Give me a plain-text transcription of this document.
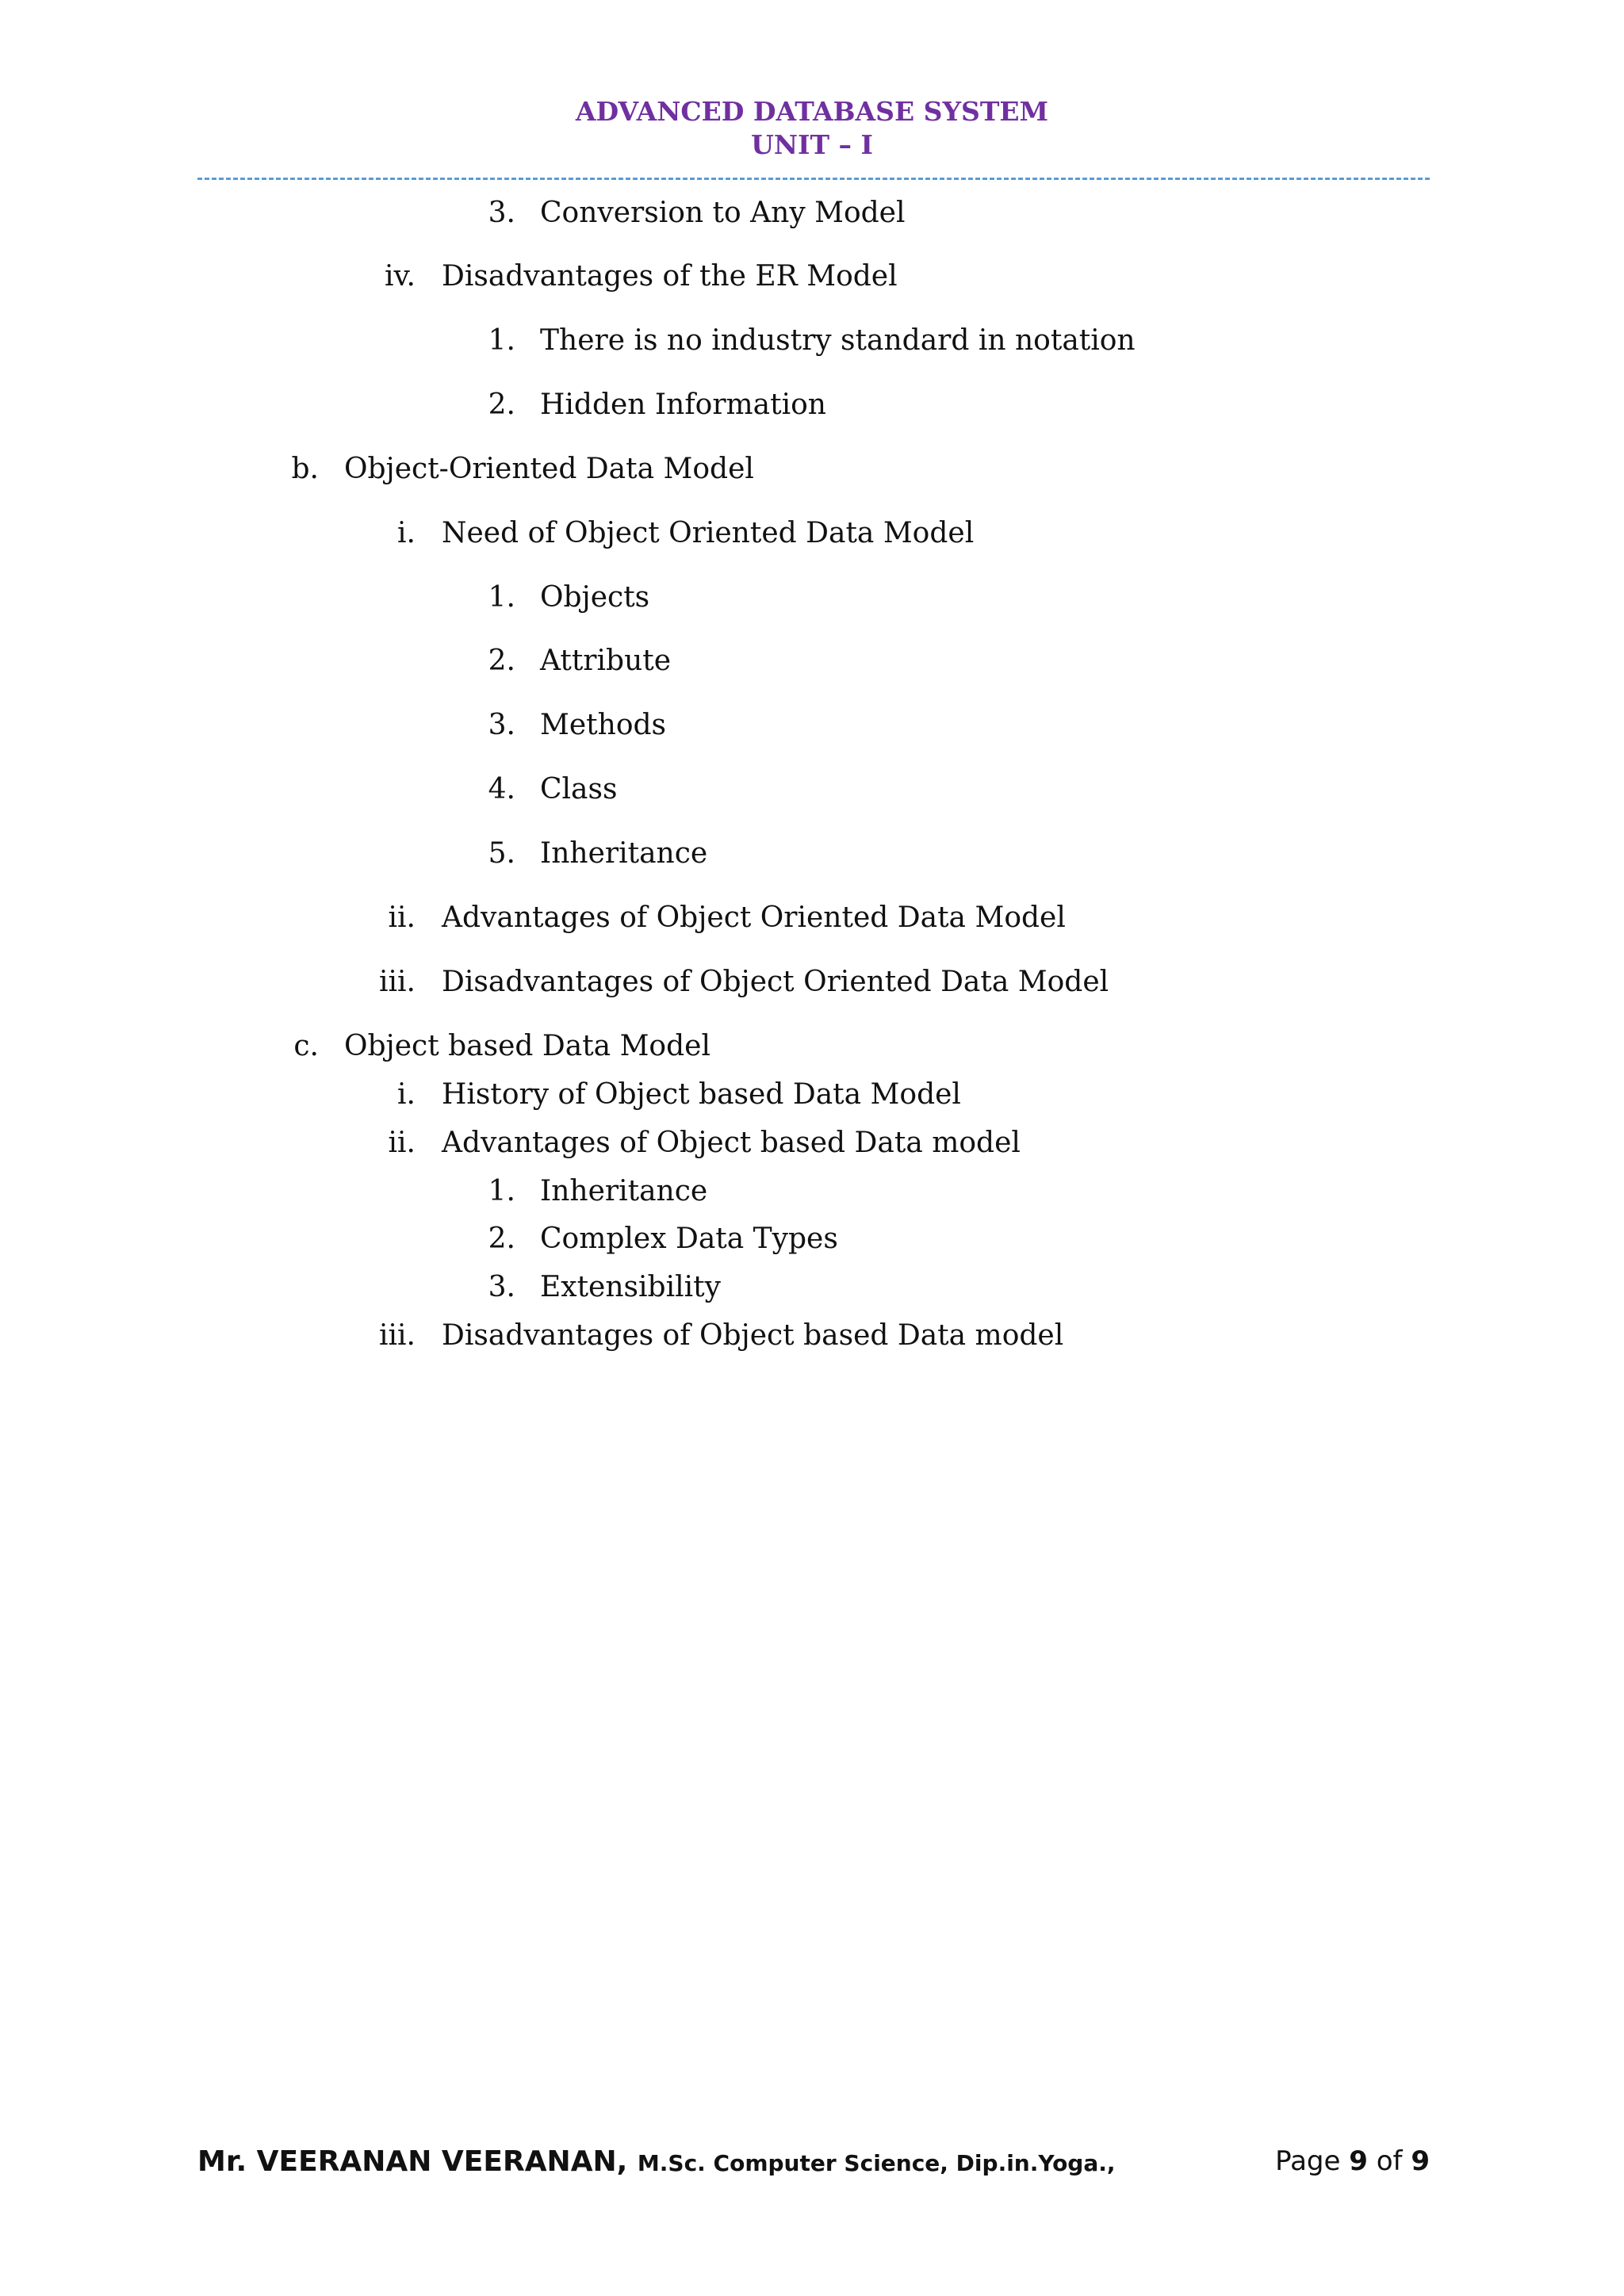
ADVANCED DATABASE SYSTEM
UNIT – I
3. Conversion to Any Model
iv. Disadvantages of the ER Model
1. There is no industry standard in notation
2. Hidden Information
b. Object-Oriented Data Model
i. Need of Object Oriented Data Model
1. Objects
2. Attribute
3. Methods
4. Class
5. Inheritance
ii. Advantages of Object Oriented Data Model
iii. Disadvantages of Object Oriented Data Model
c. Object based Data Model
i. History of Object based Data Model
ii. Advantages of Object based Data model
1. Inheritance
2. Complex Data Types
3. Extensibility
iii. Disadvantages of Object based Data model
Mr. VEERANAN VEERANAN, M.Sc. Computer Science, Dip.in.Yoga.,	Page 9 of 9
